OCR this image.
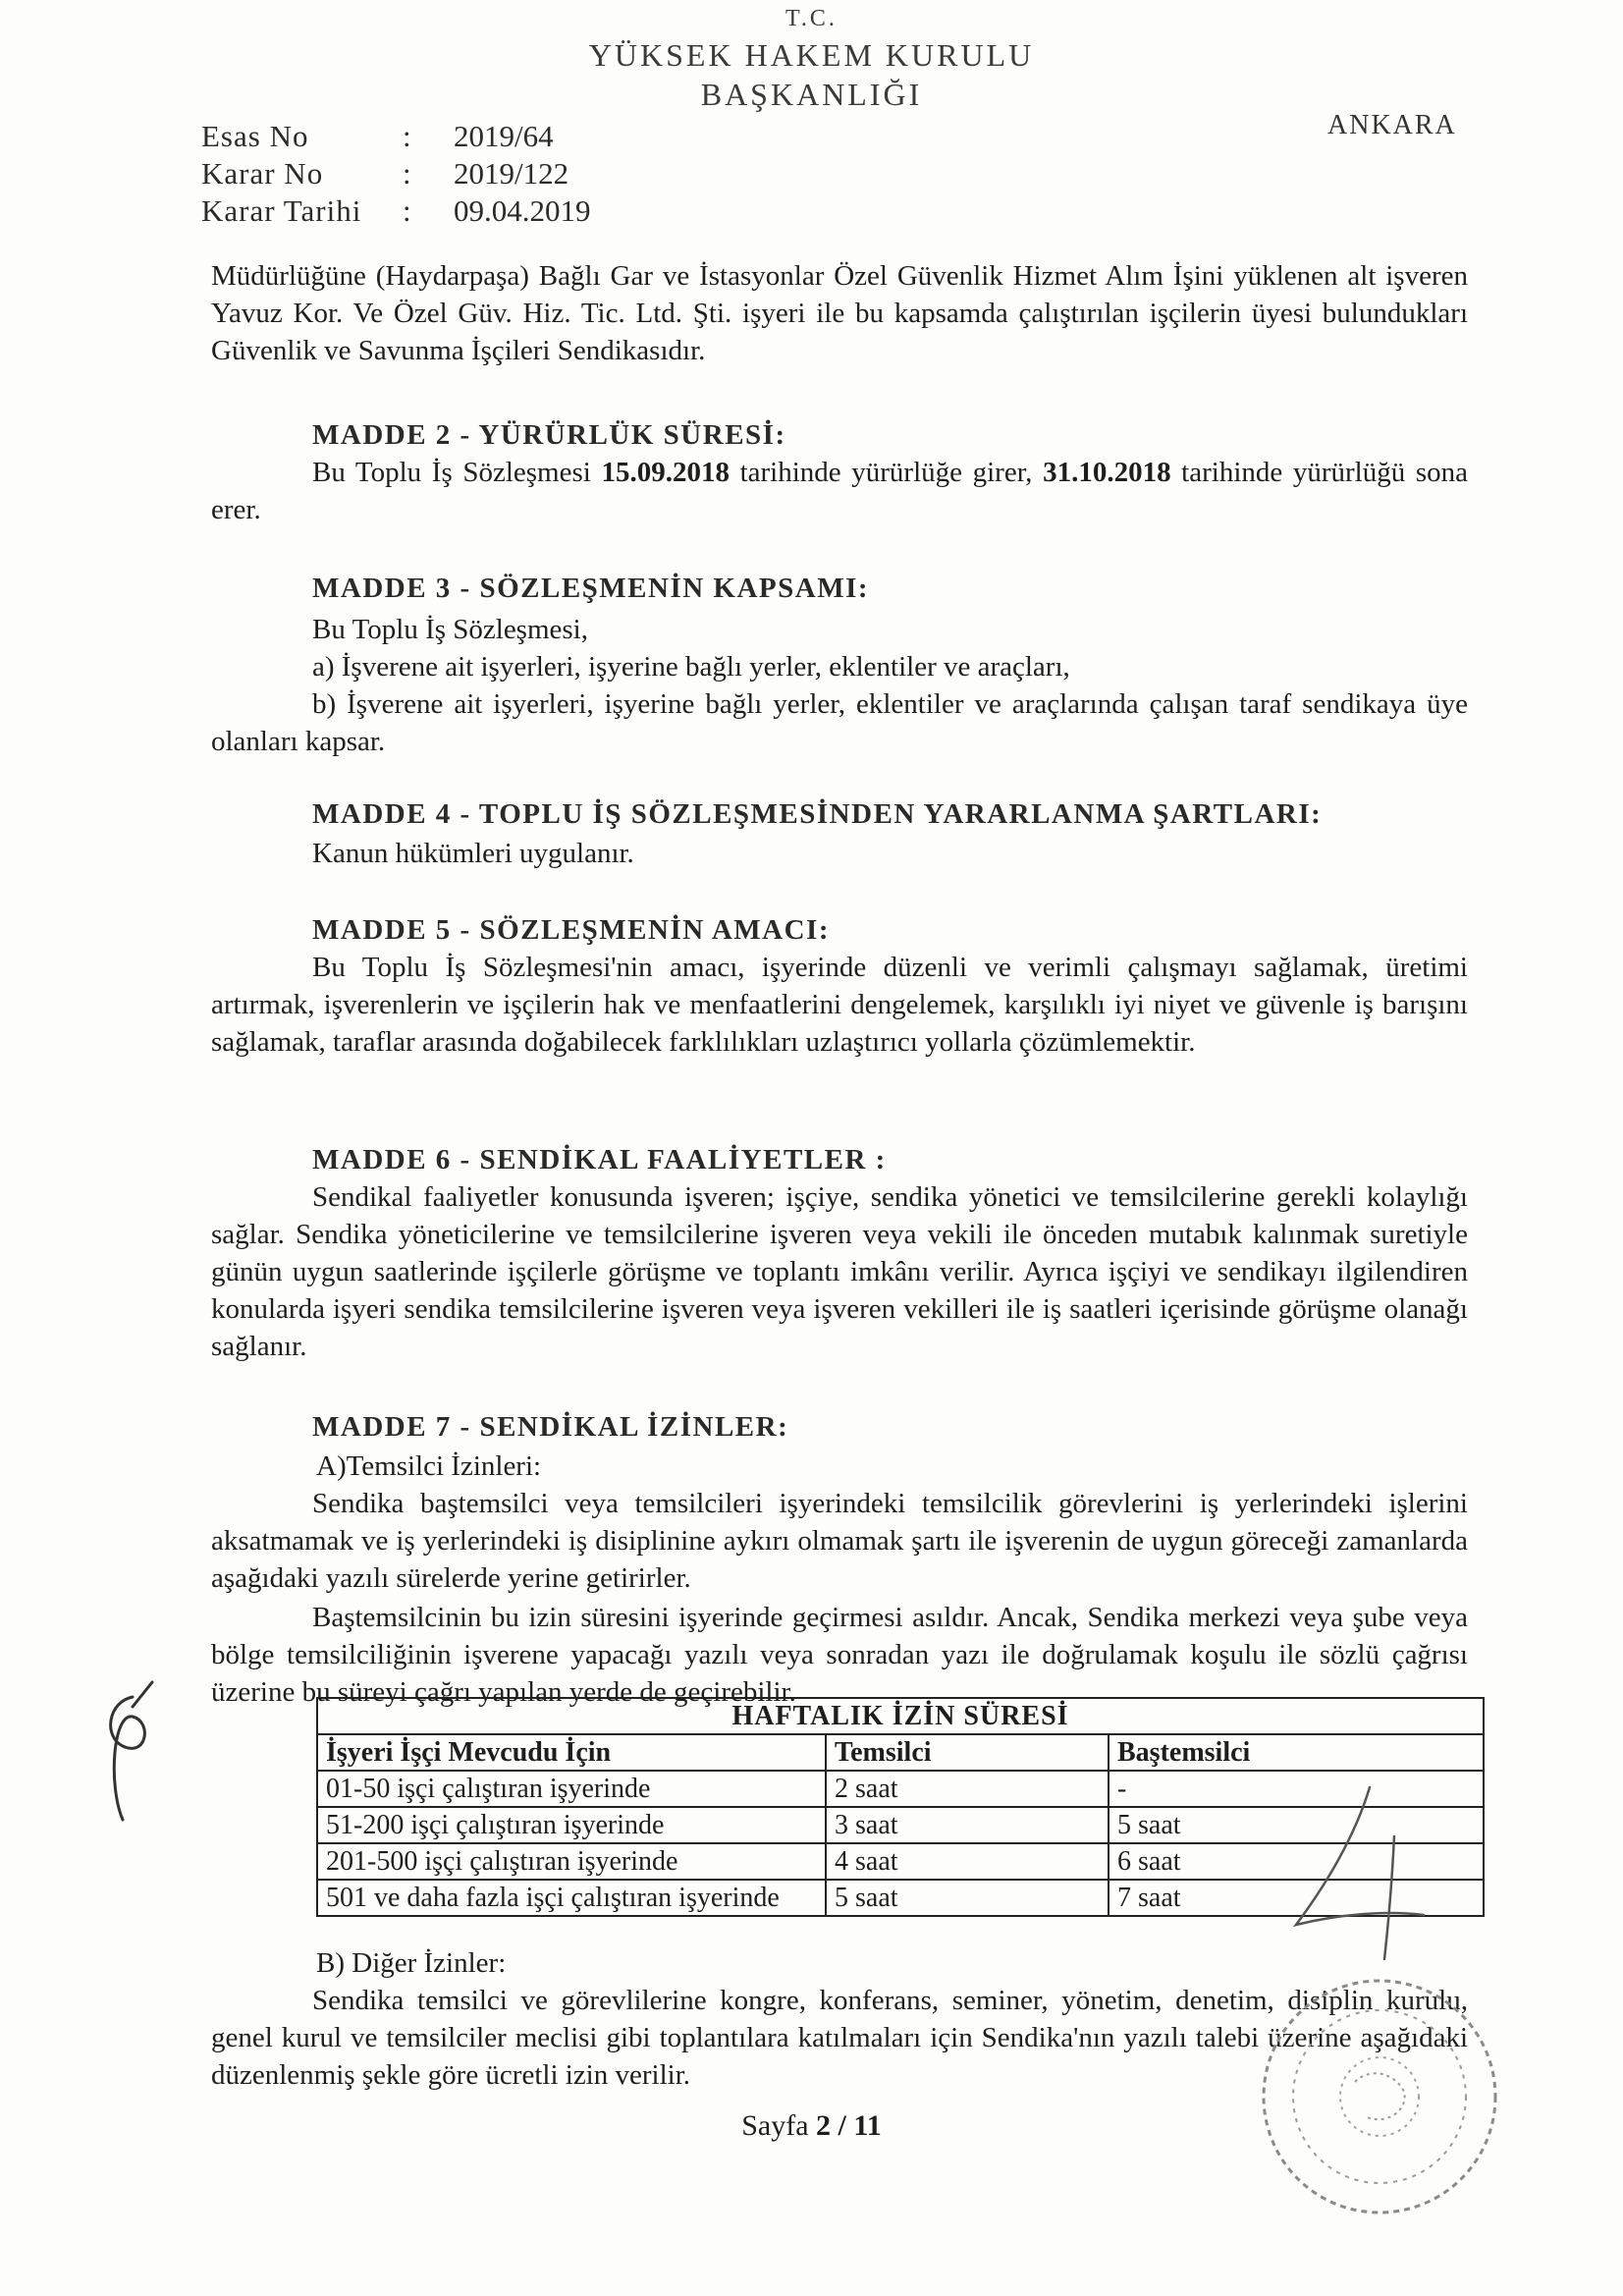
T.C.
YÜKSEK HAKEM KURULU
BAŞKANLIĞI
ANKARA
Esas No	: 2019/64
Karar No	: 2019/122
Karar Tarihi : 09.04.2019
Müdürlüğüne (Haydarpaşa) Bağlı Gar ve İstasyonlar Özel Güvenlik Hizmet Alım İşini yüklenen alt işveren Yavuz Kor. Ve Özel Güv. Hiz. Tic. Ltd. Şti. işyeri ile bu kapsamda çalıştırılan işçilerin üyesi bulundukları Güvenlik ve Savunma İşçileri Sendikasıdır.
MADDE 2 - YÜRÜRLÜK SÜRESİ:
Bu Toplu İş Sözleşmesi 15.09.2018 tarihinde yürürlüğe girer, 31.10.2018 tarihinde yürürlüğü sona erer.
MADDE 3 - SÖZLEŞMENİN KAPSAMI:
Bu Toplu İş Sözleşmesi,
a) İşverene ait işyerleri, işyerine bağlı yerler, eklentiler ve araçları,
b) İşverene ait işyerleri, işyerine bağlı yerler, eklentiler ve araçlarında çalışan taraf sendikaya üye olanları kapsar.
MADDE 4 - TOPLU İŞ SÖZLEŞMESİNDEN YARARLANMA ŞARTLARI:
Kanun hükümleri uygulanır.
MADDE 5 - SÖZLEŞMENİN AMACI:
Bu Toplu İş Sözleşmesi'nin amacı, işyerinde düzenli ve verimli çalışmayı sağlamak, üretimi artırmak, işverenlerin ve işçilerin hak ve menfaatlerini dengelemek, karşılıklı iyi niyet ve güvenle iş barışını sağlamak, taraflar arasında doğabilecek farklılıkları uzlaştırıcı yollarla çözümlemektir.
MADDE 6 - SENDİKAL FAALİYETLER :
Sendikal faaliyetler konusunda işveren; işçiye, sendika yönetici ve temsilcilerine gerekli kolaylığı sağlar. Sendika yöneticilerine ve temsilcilerine işveren veya vekili ile önceden mutabık kalınmak suretiyle günün uygun saatlerinde işçilerle görüşme ve toplantı imkânı verilir. Ayrıca işçiyi ve sendikayı ilgilendiren konularda işyeri sendika temsilcilerine işveren veya işveren vekilleri ile iş saatleri içerisinde görüşme olanağı sağlanır.
MADDE 7 - SENDİKAL İZİNLER:
A)Temsilci İzinleri:
Sendika baştemsilci veya temsilcileri işyerindeki temsilcilik görevlerini iş yerlerindeki işlerini aksatmamak ve iş yerlerindeki iş disiplinine aykırı olmamak şartı ile işverenin de uygun göreceği zamanlarda aşağıdaki yazılı sürelerde yerine getirirler.
Baştemsilcinin bu izin süresini işyerinde geçirmesi asıldır. Ancak, Sendika merkezi veya şube veya bölge temsilciliğinin işverene yapacağı yazılı veya sonradan yazı ile doğrulamak koşulu ile sözlü çağrısı üzerine bu süreyi çağrı yapılan yerde de geçirebilir.
HAFTALIK İZİN SÜRESİ		
İşyeri İşçi Mevcudu İçin	Temsilci	Baştemsilci
01-50 işçi çalıştıran işyerinde	2 saat	-
51-200 işçi çalıştıran işyerinde	3 saat	5 saat
201-500 işçi çalıştıran işyerinde	4 saat	6 saat
501 ve daha fazla işçi çalıştıran işyerinde	5 saat	7 saat
B) Diğer İzinler:
Sendika temsilci ve görevlilerine kongre, konferans, seminer, yönetim, denetim, disiplin kurulu, genel kurul ve temsilciler meclisi gibi toplantılara katılmaları için Sendika'nın yazılı talebi üzerine aşağıdaki düzenlenmiş şekle göre ücretli izin verilir.
Sayfa 2 / 11
